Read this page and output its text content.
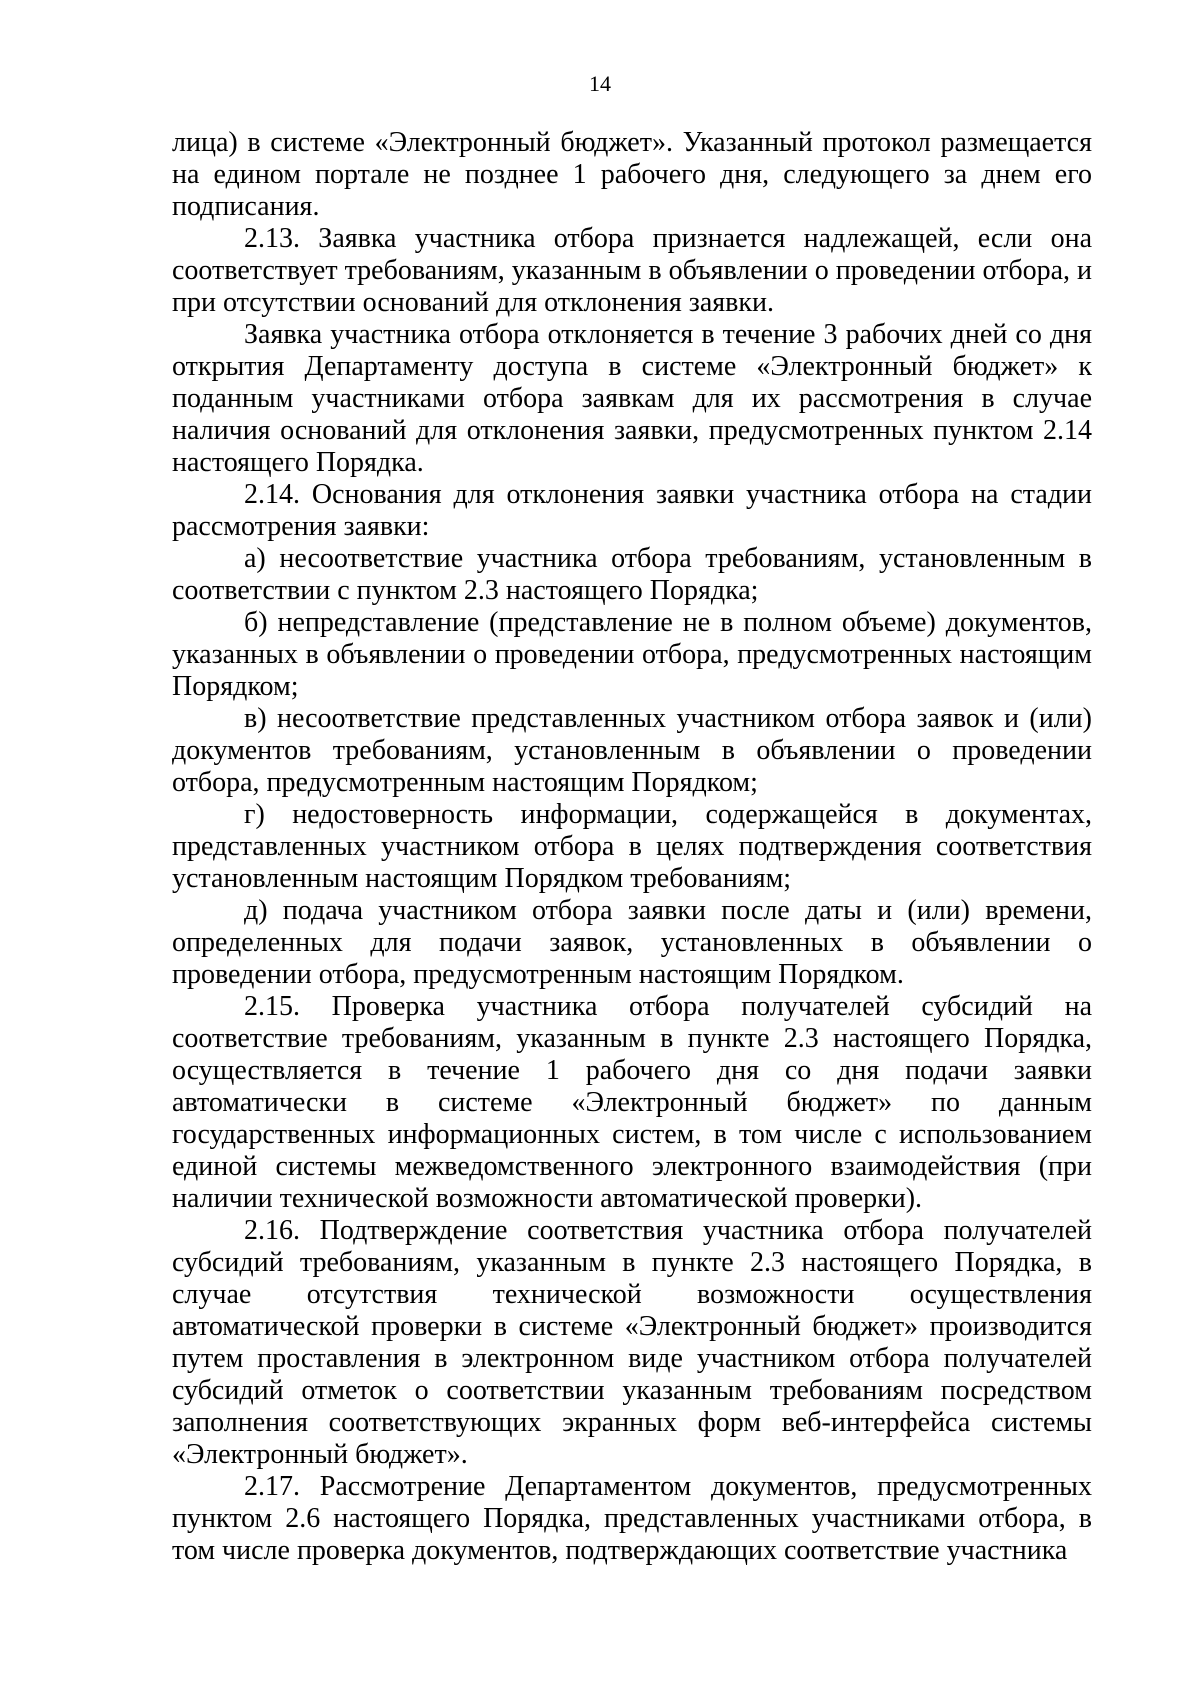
14

лица) в системе «Электронный бюджет». Указанный протокол размещается на едином портале не позднее 1 рабочего дня, следующего за днем его подписания.

2.13. Заявка участника отбора признается надлежащей, если она соответствует требованиям, указанным в объявлении о проведении отбора, и при отсутствии оснований для отклонения заявки.

Заявка участника отбора отклоняется в течение 3 рабочих дней со дня открытия Департаменту доступа в системе «Электронный бюджет» к поданным участниками отбора заявкам для их рассмотрения в случае наличия оснований для отклонения заявки, предусмотренных пунктом 2.14 настоящего Порядка.

2.14. Основания для отклонения заявки участника отбора на стадии рассмотрения заявки:

а) несоответствие участника отбора требованиям, установленным в соответствии с пунктом 2.3 настоящего Порядка;

б) непредставление (представление не в полном объеме) документов, указанных в объявлении о проведении отбора, предусмотренных настоящим Порядком;

в) несоответствие представленных участником отбора заявок и (или) документов требованиям, установленным в объявлении о проведении отбора, предусмотренным настоящим Порядком;

г) недостоверность информации, содержащейся в документах, представленных участником отбора в целях подтверждения соответствия установленным настоящим Порядком требованиям;

д) подача участником отбора заявки после даты и (или) времени, определенных для подачи заявок, установленных в объявлении о проведении отбора, предусмотренным настоящим Порядком.

2.15. Проверка участника отбора получателей субсидий на соответствие требованиям, указанным в пункте 2.3 настоящего Порядка, осуществляется в течение 1 рабочего дня со дня подачи заявки автоматически в системе «Электронный бюджет» по данным государственных информационных систем, в том числе с использованием единой системы межведомственного электронного взаимодействия (при наличии технической возможности автоматической проверки).

2.16. Подтверждение соответствия участника отбора получателей субсидий требованиям, указанным в пункте 2.3 настоящего Порядка, в случае отсутствия технической возможности осуществления автоматической проверки в системе «Электронный бюджет» производится путем проставления в электронном виде участником отбора получателей субсидий отметок о соответствии указанным требованиям посредством заполнения соответствующих экранных форм веб-интерфейса системы «Электронный бюджет».

2.17. Рассмотрение Департаментом документов, предусмотренных пунктом 2.6 настоящего Порядка, представленных участниками отбора, в том числе проверка документов, подтверждающих соответствие участника
